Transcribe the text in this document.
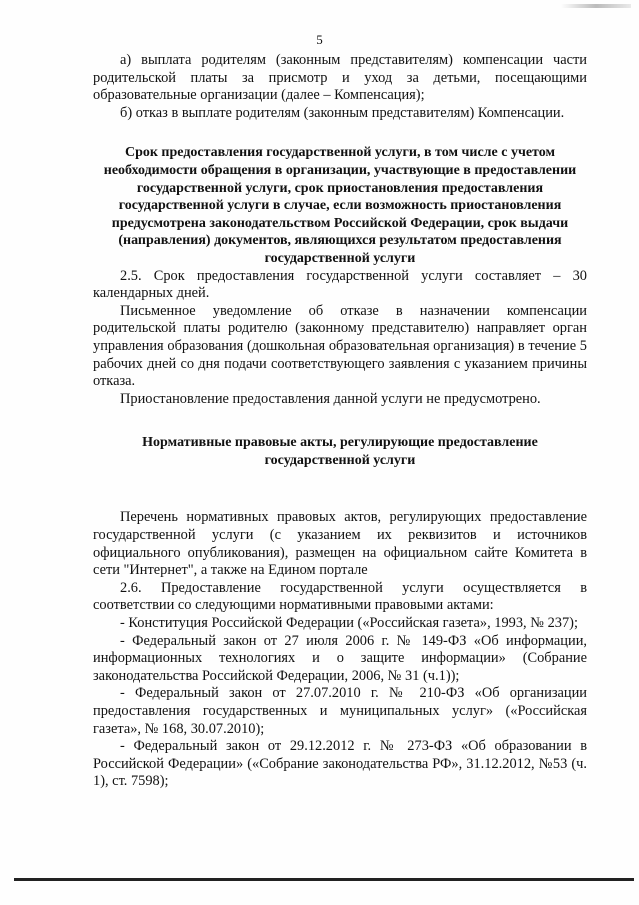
5

а) выплата родителям (законным представителям) компенсации части родительской платы за присмотр и уход за детьми, посещающими образовательные организации (далее – Компенсация);

б) отказ в выплате родителям (законным представителям) Компенсации.

Срок предоставления государственной услуги, в том числе с учетом необходимости обращения в организации, участвующие в предоставлении государственной услуги, срок приостановления предоставления государственной услуги в случае, если возможность приостановления предусмотрена законодательством Российской Федерации, срок выдачи (направления) документов, являющихся результатом предоставления государственной услуги

2.5. Срок предоставления государственной услуги составляет – 30 календарных дней.

Письменное уведомление об отказе в назначении компенсации родительской платы родителю (законному представителю) направляет орган управления образования (дошкольная образовательная организация) в течение 5 рабочих дней со дня подачи соответствующего заявления с указанием причины отказа.

Приостановление предоставления данной услуги не предусмотрено.

Нормативные правовые акты, регулирующие предоставление государственной услуги

Перечень нормативных правовых актов, регулирующих предоставление государственной услуги (с указанием их реквизитов и источников официального опубликования), размещен на официальном сайте Комитета в сети "Интернет", а также на Едином портале

2.6. Предоставление государственной услуги осуществляется в соответствии со следующими нормативными правовыми актами:

- Конституция Российской Федерации («Российская газета», 1993, № 237);

- Федеральный закон от 27 июля 2006 г. № 149-ФЗ «Об информации, информационных технологиях и о защите информации» (Собрание законодательства Российской Федерации, 2006, № 31 (ч.1));

- Федеральный закон от 27.07.2010 г. № 210-ФЗ «Об организации предоставления государственных и муниципальных услуг» («Российская газета», № 168, 30.07.2010);

- Федеральный закон от 29.12.2012 г. № 273-ФЗ «Об образовании в Российской Федерации» («Собрание законодательства РФ», 31.12.2012, №53 (ч. 1), ст. 7598);
